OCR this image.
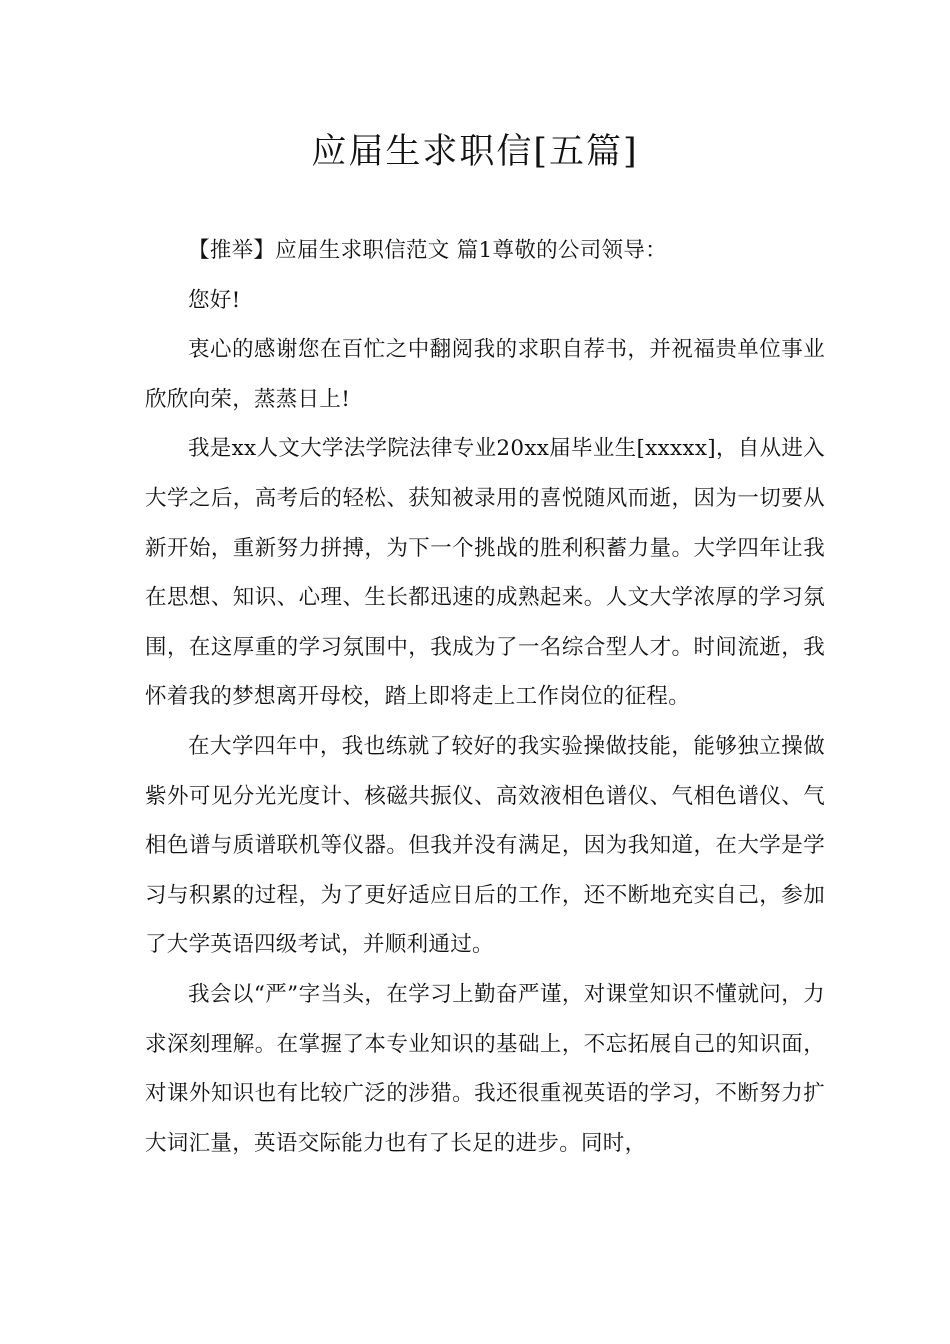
应届生求职信[五篇]

【推举】应届生求职信范文 篇1尊敬的公司领导：

您好!

衷心的感谢您在百忙之中翻阅我的求职自荐书，并祝福贵单位事业欣欣向荣，蒸蒸日上!

我是xx人文大学法学院法律专业20xx届毕业生[xxxxx]，自从进入大学之后，高考后的轻松、获知被录用的喜悦随风而逝，因为一切要从新开始，重新努力拼搏，为下一个挑战的胜利积蓄力量。大学四年让我在思想、知识、心理、生长都迅速的成熟起来。人文大学浓厚的学习氛围，在这厚重的学习氛围中，我成为了一名综合型人才。时间流逝，我怀着我的梦想离开母校，踏上即将走上工作岗位的征程。

在大学四年中，我也练就了较好的我实验操做技能，能够独立操做紫外可见分光光度计、核磁共振仪、高效液相色谱仪、气相色谱仪、气相色谱与质谱联机等仪器。但我并没有满足，因为我知道，在大学是学习与积累的过程，为了更好适应日后的工作，还不断地充实自己，参加了大学英语四级考试，并顺利通过。

我会以“严”字当头，在学习上勤奋严谨，对课堂知识不懂就问，力求深刻理解。在掌握了本专业知识的基础上，不忘拓展自己的知识面，对课外知识也有比较广泛的涉猎。我还很重视英语的学习，不断努力扩大词汇量，英语交际能力也有了长足的进步。同时，
